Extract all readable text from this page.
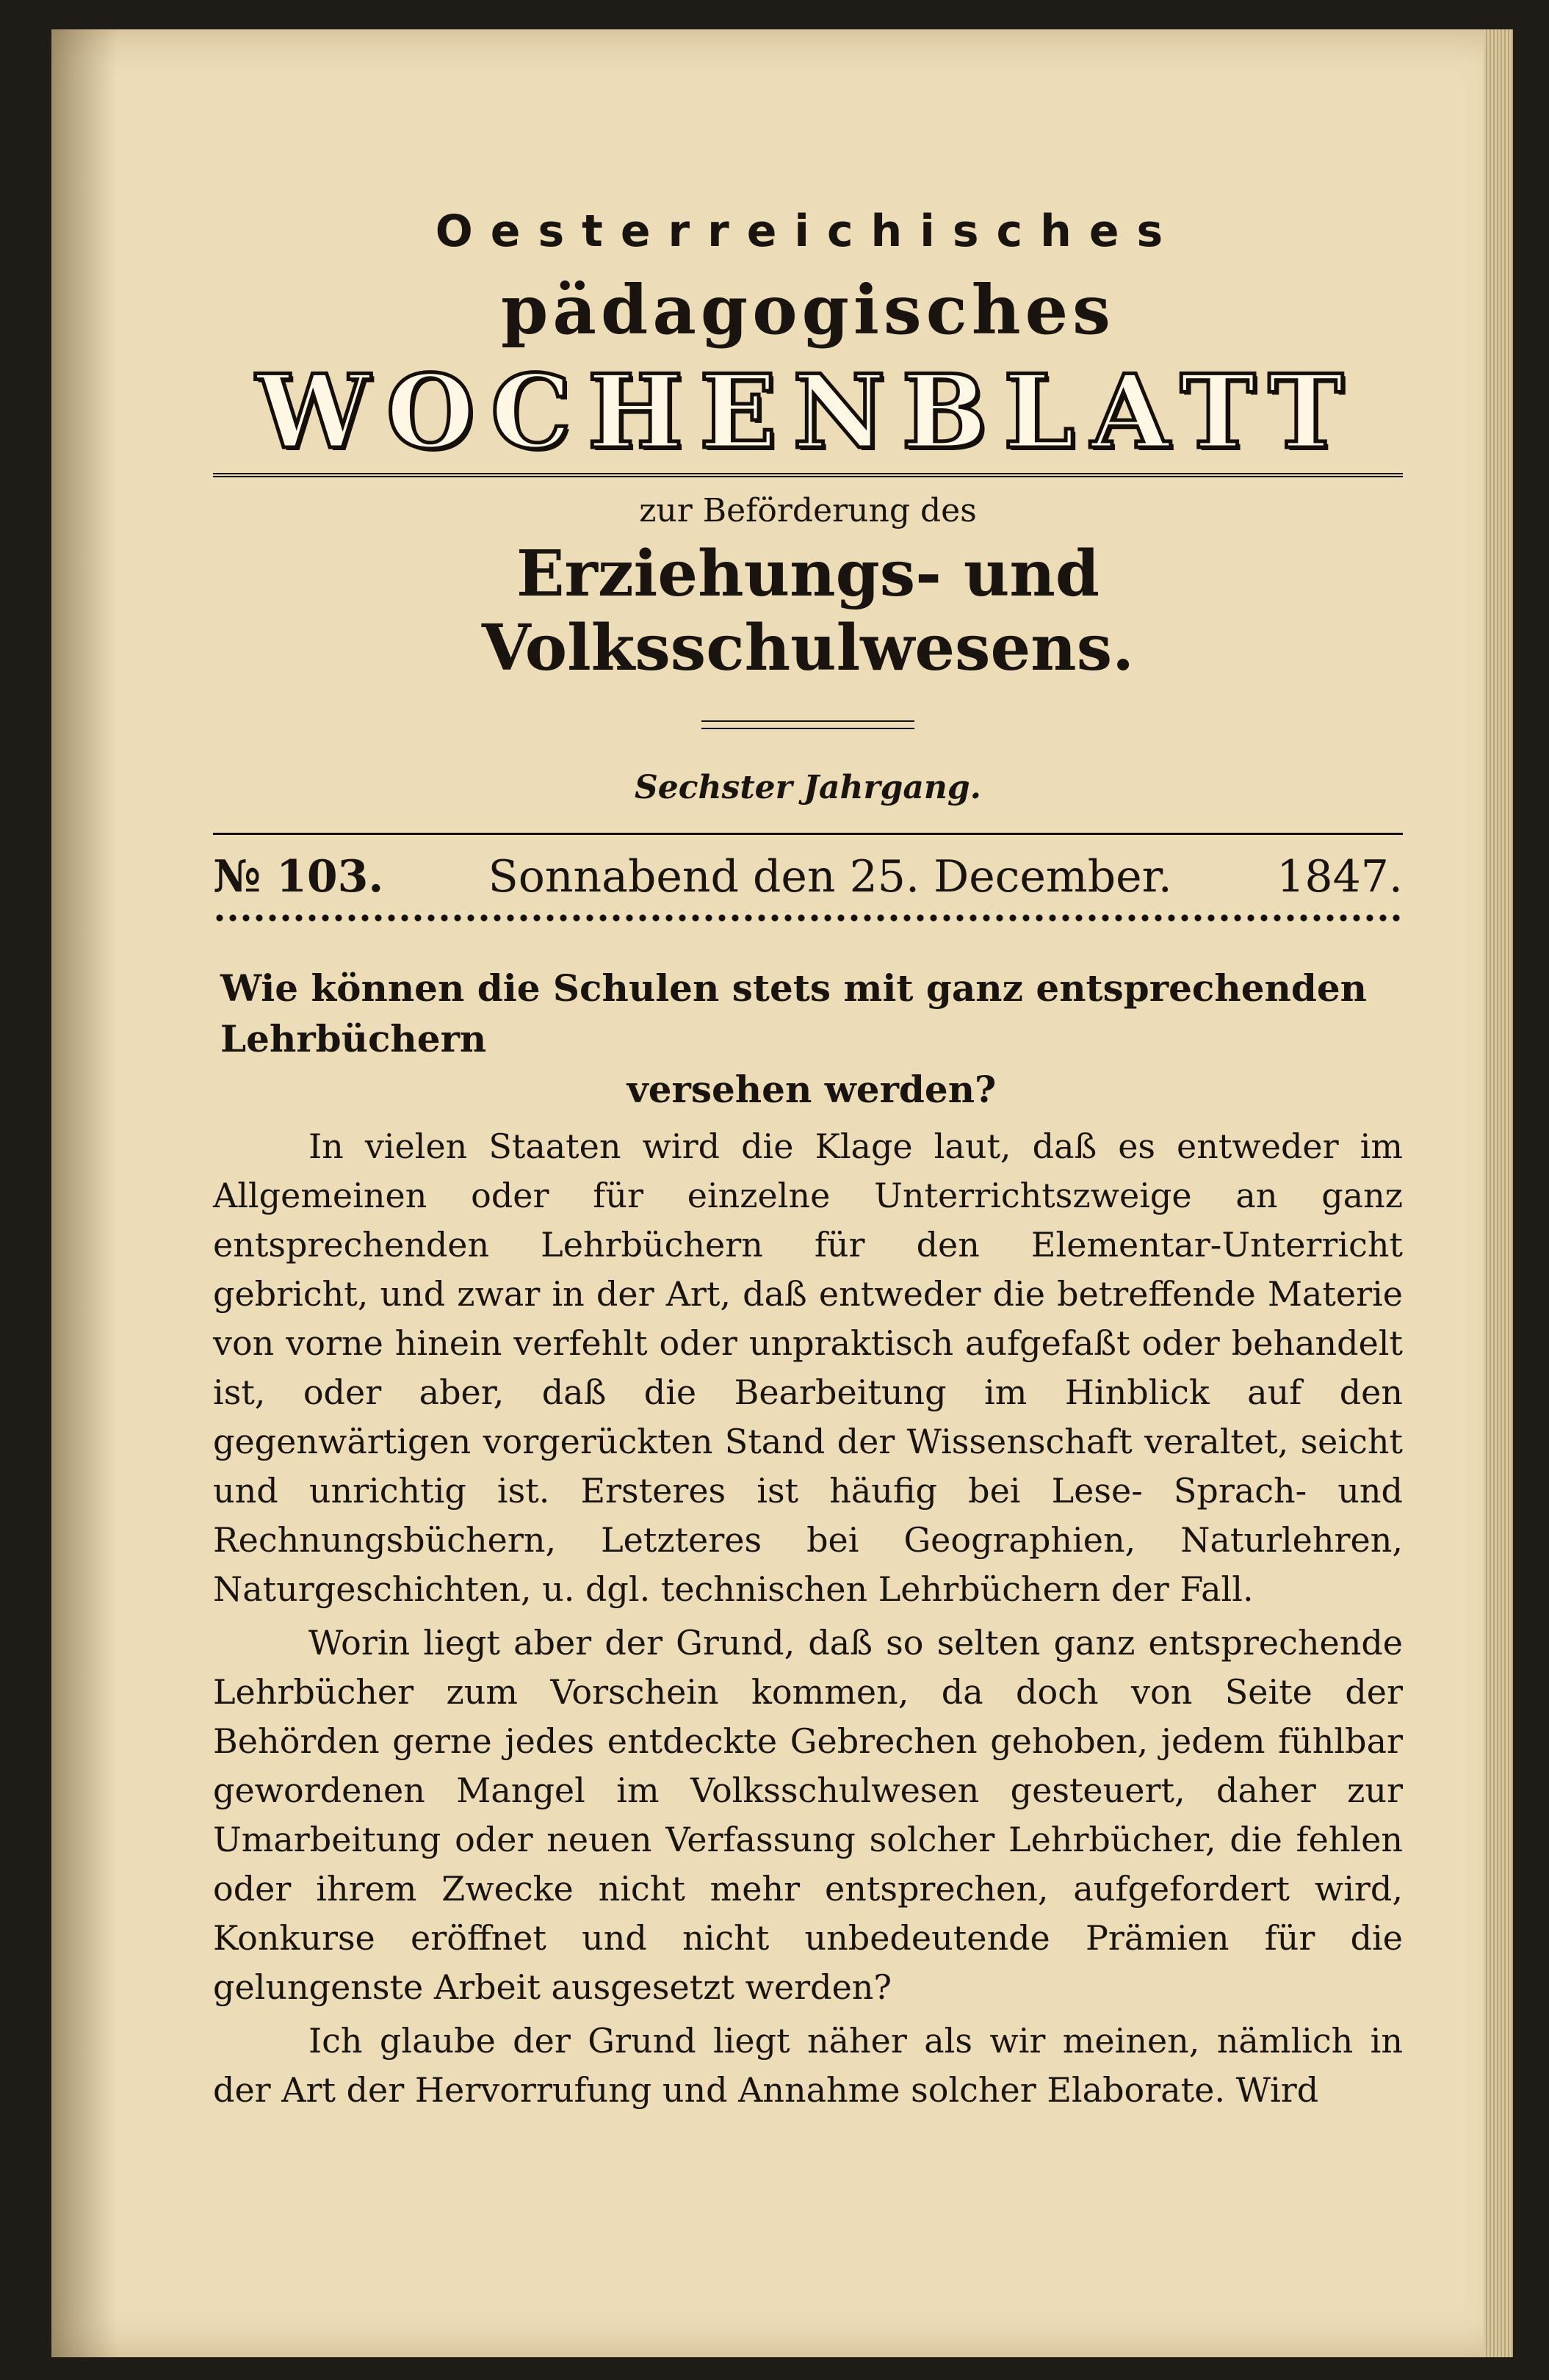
Oesterreichisches
pädagogisches
WOCHENBLATT
zur Beförderung des
Erziehungs- und Volksschulwesens.
Sechster Jahrgang.
№ 103. Sonnabend den 25. December. 1847.
Wie können die Schulen stets mit ganz entsprechenden Lehrbüchern
versehen werden?

In vielen Staaten wird die Klage laut, daß es entweder im Allgemeinen oder für einzelne Unterrichtszweige an ganz entsprechenden Lehrbüchern für den Elementar-Unterricht gebricht, und zwar in der Art, daß entweder die betreffende Materie von vorne hinein verfehlt oder unpraktisch aufgefaßt oder behandelt ist, oder aber, daß die Bearbeitung im Hinblick auf den gegenwärtigen vorgerückten Stand der Wissenschaft veraltet, seicht und unrichtig ist. Ersteres ist häufig bei Lese- Sprach- und Rechnungsbüchern, Letzteres bei Geographien, Naturlehren, Naturgeschichten, u. dgl. technischen Lehrbüchern der Fall.

Worin liegt aber der Grund, daß so selten ganz entsprechende Lehrbücher zum Vorschein kommen, da doch von Seite der Behörden gerne jedes entdeckte Gebrechen gehoben, jedem fühlbar gewordenen Mangel im Volksschulwesen gesteuert, daher zur Umarbeitung oder neuen Verfassung solcher Lehrbücher, die fehlen oder ihrem Zwecke nicht mehr entsprechen, aufgefordert wird, Konkurse eröffnet und nicht unbedeutende Prämien für die gelungenste Arbeit ausgesetzt werden?

Ich glaube der Grund liegt näher als wir meinen, nämlich in der Art der Hervorrufung und Annahme solcher Elaborate. Wird
